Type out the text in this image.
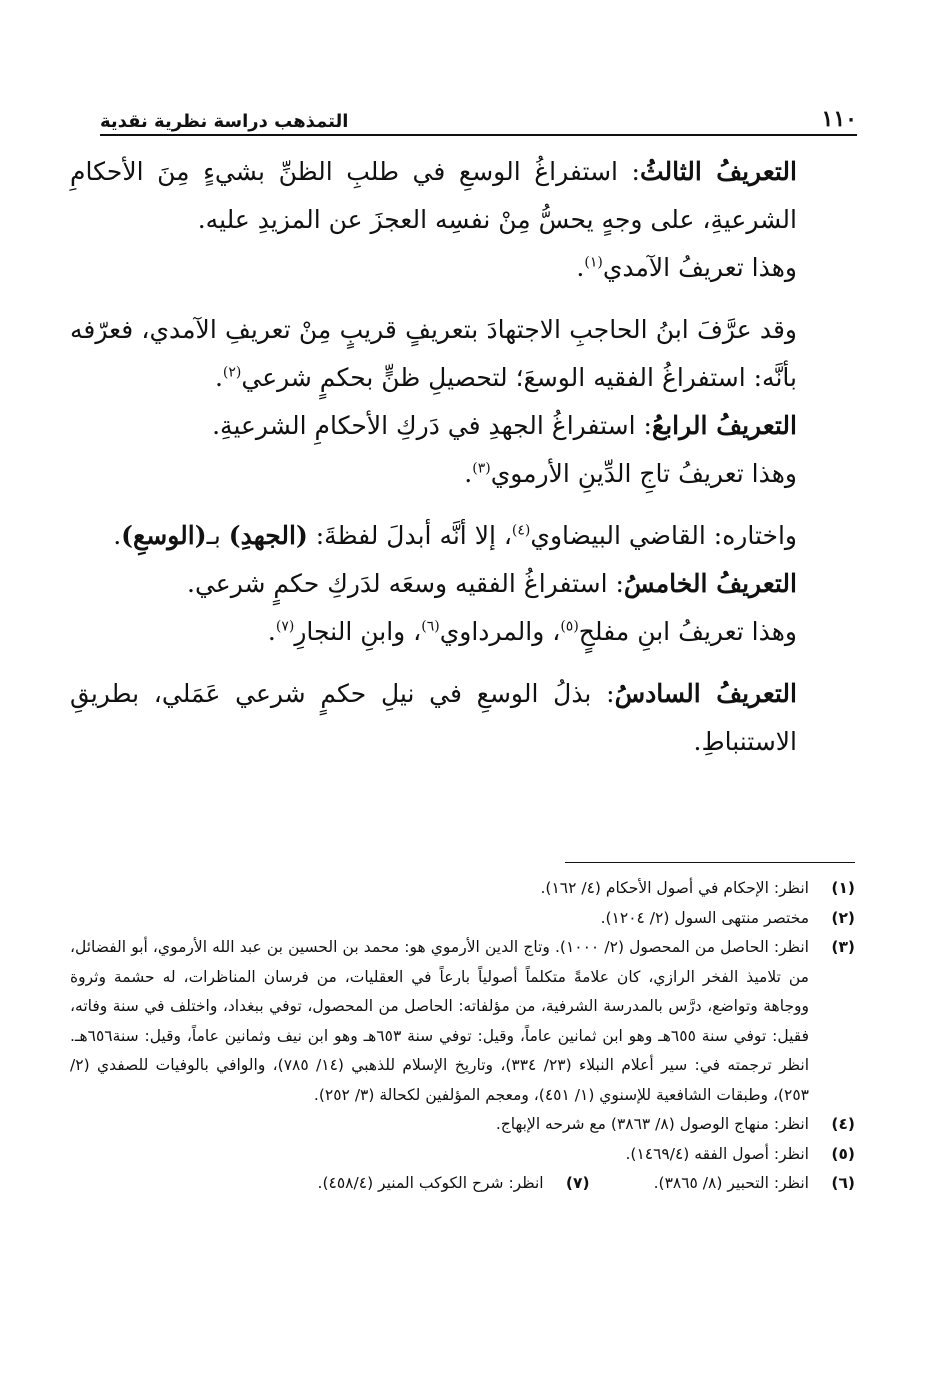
١١٠
التمذهب دراسة نظرية نقدية

التعريفُ الثالثُ: استفراغُ الوسعِ في طلبِ الظنِّ بشيءٍ مِنَ الأحكامِ الشرعيةِ، على وجهٍ يحسُّ مِنْ نفسِه العجزَ عن المزيدِ عليه.

وهذا تعريفُ الآمدي$^{(١)}$.

وقد عرَّفَ ابنُ الحاجبِ الاجتهادَ بتعريفٍ قريبٍ مِنْ تعريفِ الآمدي، فعرّفه بأنَّه: استفراغُ الفقيه الوسعَ؛ لتحصيلِ ظنٍّ بحكمٍ شرعي$^{(٢)}$.

التعريفُ الرابعُ: استفراغُ الجهدِ في دَركِ الأحكامِ الشرعيةِ.

وهذا تعريفُ تاجِ الدِّينِ الأرموي$^{(٣)}$.

واختاره: القاضي البيضاوي$^{(٤)}$، إلا أنَّه أبدلَ لفظةَ: (الجهدِ) بـ(الوسعِ).

التعريفُ الخامسُ: استفراغُ الفقيه وسعَه لدَركِ حكمٍ شرعي.

وهذا تعريفُ ابنِ مفلحٍ$^{(٥)}$، والمرداوي$^{(٦)}$، وابنِ النجارِ$^{(٧)}$.

التعريفُ السادسُ: بذلُ الوسعِ في نيلِ حكمٍ شرعي عَمَلي، بطريقِ الاستنباطِ.

(١)
انظر: الإحكام في أصول الأحكام (٤/ ١٦٢).
(٢)
مختصر منتهى السول (٢/ ١٢٠٤).
(٣)
انظر: الحاصل من المحصول (٢/ ١٠٠٠). وتاج الدين الأرموي هو: محمد بن الحسين بن عبد الله الأرموي، أبو الفضائل، من تلاميذ الفخر الرازي، كان علامةً متكلماً أصولياً بارعاً في العقليات، من فرسان المناظرات، له حشمة وثروة ووجاهة وتواضع، درَّس بالمدرسة الشرفية، من مؤلفاته: الحاصل من المحصول، توفي ببغداد، واختلف في سنة وفاته، فقيل: توفي سنة ٦٥٥هـ وهو ابن ثمانين عاماً، وقيل: توفي سنة ٦٥٣هـ وهو ابن نيف وثمانين عاماً، وقيل: سنة٦٥٦هـ. انظر ترجمته في: سير أعلام النبلاء (٢٣/ ٣٣٤)، وتاريخ الإسلام للذهبي (١٤/ ٧٨٥)، والوافي بالوفيات للصفدي (٢/ ٢٥٣)، وطبقات الشافعية للإسنوي (١/ ٤٥١)، ومعجم المؤلفين لكحالة (٣/ ٢٥٢).
(٤)
انظر: منهاج الوصول (٨/ ٣٨٦٣) مع شرحه الإبهاج.
(٥)
انظر: أصول الفقه (١٤٦٩/٤).
(٦)
انظر: التحبير (٨/ ٣٨٦٥).
(٧)
انظر: شرح الكوكب المنير (٤٥٨/٤).
